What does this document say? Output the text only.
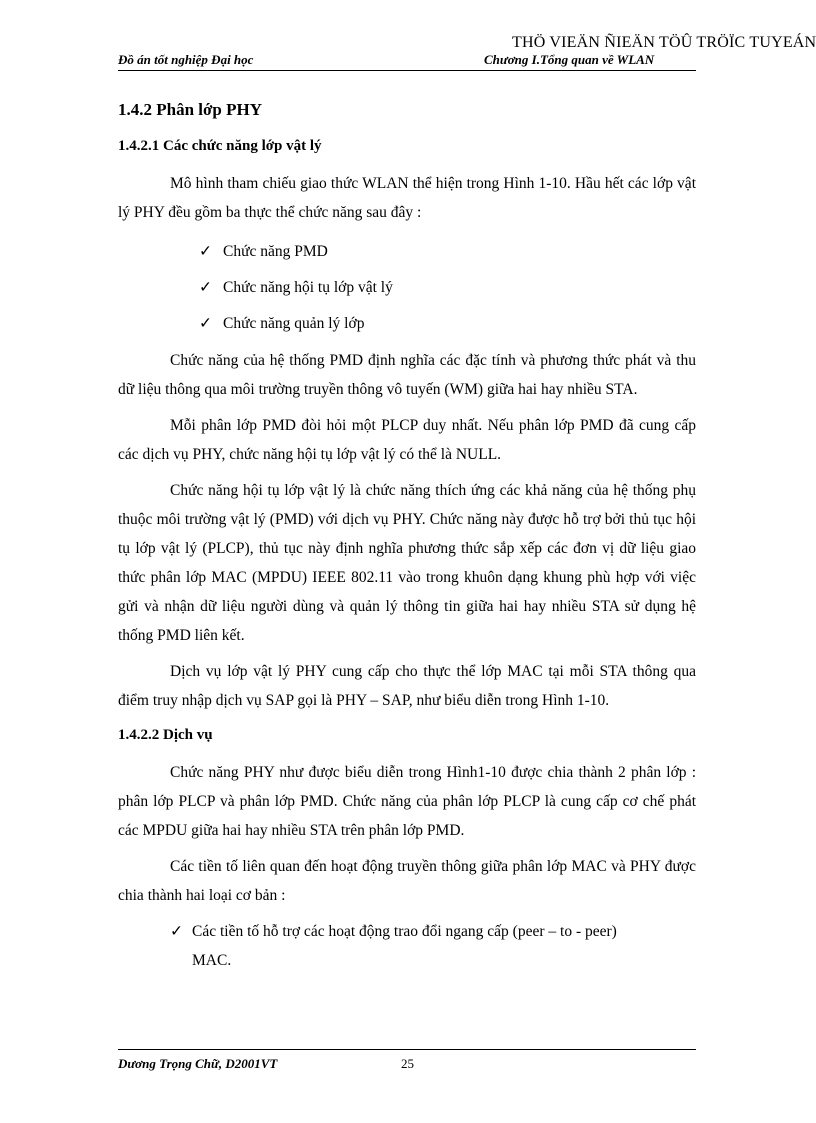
THÖ VIEÄN ÑIEÄN TÖÛ TRÖÏC TUYEÁN
Đồ án tốt nghiệp Đại học	Chương I.Tổng quan về WLAN
1.4.2 Phân lớp PHY
1.4.2.1 Các chức năng lớp vật lý

Mô hình tham chiếu giao thức WLAN thể hiện trong Hình 1-10. Hầu hết các lớp vật lý PHY đều gồm ba thực thể chức năng sau đây :

✓ Chức năng PMD
✓ Chức năng hội tụ lớp vật lý
✓ Chức năng quản lý lớp

Chức năng của hệ thống PMD định nghĩa các đặc tính và phương thức phát và thu dữ liệu thông qua môi trường truyền thông vô tuyến (WM) giữa hai hay nhiều STA.

Mỗi phân lớp PMD đòi hỏi một PLCP duy nhất. Nếu phân lớp PMD đã cung cấp các dịch vụ PHY, chức năng hội tụ lớp vật lý có thể là NULL.

Chức năng hội tụ lớp vật lý là chức năng thích ứng các khả năng của hệ thống phụ thuộc môi trường vật lý (PMD) với dịch vụ PHY. Chức năng này được hỗ trợ bởi thủ tục hội tụ lớp vật lý (PLCP), thủ tục này định nghĩa phương thức sắp xếp các đơn vị dữ liệu giao thức phân lớp MAC (MPDU) IEEE 802.11 vào trong khuôn dạng khung phù hợp với việc gửi và nhận dữ liệu người dùng và quản lý thông tin giữa hai hay nhiều STA sử dụng hệ thống PMD liên kết.

Dịch vụ lớp vật lý PHY cung cấp cho thực thể lớp MAC tại mỗi STA thông qua điểm truy nhập dịch vụ SAP gọi là PHY – SAP, như biểu diễn trong Hình 1-10.

1.4.2.2 Dịch vụ

Chức năng PHY như được biểu diễn trong Hình1-10 được chia thành 2 phân lớp : phân lớp PLCP và phân lớp PMD. Chức năng của phân lớp PLCP là cung cấp cơ chế phát các MPDU giữa hai hay nhiều STA trên phân lớp PMD.

Các tiền tố liên quan đến hoạt động truyền thông giữa phân lớp MAC và PHY được chia thành hai loại cơ bản :

✓ Các tiền tố hỗ trợ các hoạt động trao đổi ngang cấp (peer – to - peer)
MAC.
Dương Trọng Chữ, D2001VT	25
